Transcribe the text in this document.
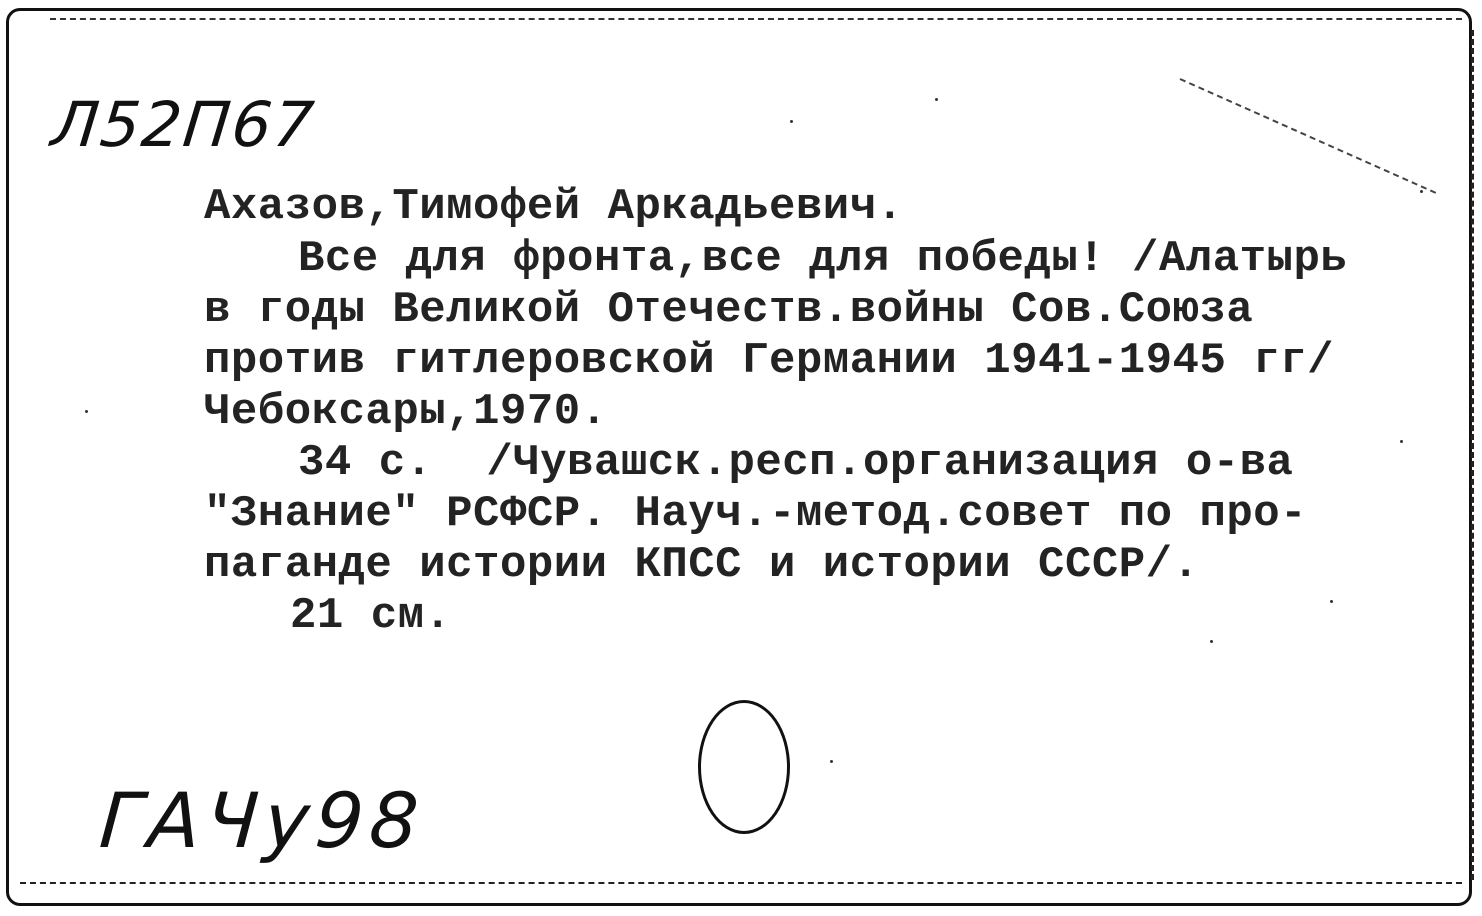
Л52П67
Ахазов,Тимофей Аркадьевич.
Все для фронта,все для победы! /Алатырь
в годы Великой Отечеств.войны Сов.Союза
против гитлеровской Германии 1941-1945 гг/
Чебоксары,1970.
34 с.  /Чувашск.респ.организация о-ва
"Знание" РСФСР. Науч.-метод.совет по про-
паганде истории КПСС и истории СССР/.
21 см.
ГАЧу98
